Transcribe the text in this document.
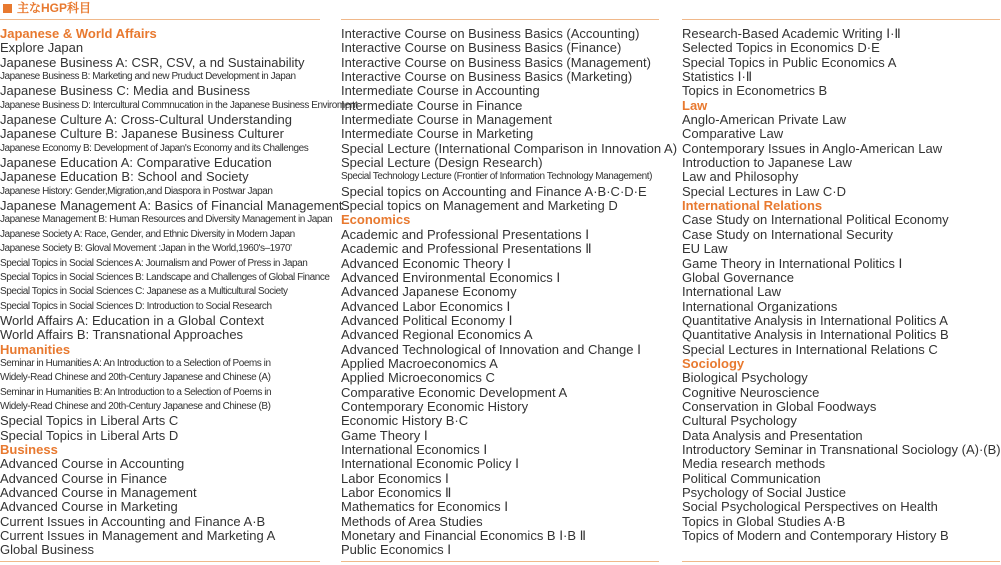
主なHGP科目
Japanese & World Affairs
Explore Japan
Japanese Business A: CSR, CSV, a nd Sustainability
Japanese Business B: Marketing and new Pruduct Development in Japan
Japanese Business C: Media and Business
Japanese Business D: Intercultural Commnucation in the Japanese Business Enviroment
Japanese Culture A: Cross-Cultural Understanding
Japanese Culture B: Japanese Business Culturer
Japanese Economy B: Development of Japan's Economy and its Challenges
Japanese Education A: Comparative Education
Japanese Education B: School and Society
Japanese History: Gender,Migration,and Diaspora in Postwar Japan
Japanese Management A: Basics of Financial Management
Japanese Management B: Human Resources and Diversity Management in Japan
Japanese Society A: Race, Gender, and Ethnic Diversity in Modern Japan
Japanese Society B: Gloval Movement :Japan in the World,1960's–1970'
Special Topics in Social Sciences A: Journalism and Power of Press in Japan
Special Topics in Social Sciences B: Landscape and Challenges of Global Finance
Special Topics in Social Sciences C: Japanese as a Multicultural Society
Special Topics in Social Sciences D: Introduction to Social Research
World Affairs A: Education in a Global Context
World Affairs B: Transnational Approaches
Humanities
Seminar in Humanities A: An Introduction to a Selection of Poems in
Widely-Read Chinese and 20th-Century Japanese and Chinese (A)
Seminar in Humanities B: An Introduction to a Selection of Poems in
Widely-Read Chinese and 20th-Century Japanese and Chinese (B)
Special Topics in Liberal Arts C
Special Topics in Liberal Arts D
Business
Advanced Course in Accounting
Advanced Course in Finance
Advanced Course in Management
Advanced Course in Marketing
Current Issues in Accounting and Finance A·B
Current Issues in Management and Marketing A
Global Business
Interactive Course on Business Basics (Accounting)
Interactive Course on Business Basics (Finance)
Interactive Course on Business Basics (Management)
Interactive Course on Business Basics (Marketing)
Intermediate Course in Accounting
Intermediate Course in Finance
Intermediate Course in Management
Intermediate Course in Marketing
Special Lecture (International Comparison in Innovation A)
Special Lecture (Design Research)
Special Technology Lecture (Frontier of Information Technology Management)
Special topics on Accounting and Finance A·B·C·D·E
Special topics on Management and Marketing D
Economics
Academic and Professional Presentations Ⅰ
Academic and Professional Presentations Ⅱ
Advanced Economic Theory Ⅰ
Advanced Environmental Economics Ⅰ
Advanced Japanese Economy
Advanced Labor Economics Ⅰ
Advanced Political Economy Ⅰ
Advanced Regional Economics A
Advanced Technological of Innovation and Change Ⅰ
Applied Macroeconomics A
Applied Microeconomics C
Comparative Economic Development A
Contemporary Economic History
Economic History B·C
Game Theory Ⅰ
International Economics Ⅰ
International Economic Policy Ⅰ
Labor Economics Ⅰ
Labor Economics Ⅱ
Mathematics for Economics Ⅰ
Methods of Area Studies
Monetary and Financial Economics B Ⅰ·B Ⅱ
Public Economics Ⅰ
Research-Based Academic Writing Ⅰ·Ⅱ
Selected Topics in Economics D·E
Special Topics in Public Economics A
Statistics Ⅰ·Ⅱ
Topics in Econometrics B
Law
Anglo-American Private Law
Comparative Law
Contemporary Issues in Anglo-American Law
Introduction to Japanese Law
Law and Philosophy
Special Lectures in Law C·D
International Relations
Case Study on International Political Economy
Case Study on International Security
EU Law
Game Theory in International Politics Ⅰ
Global Governance
International Law
International Organizations
Quantitative Analysis in International Politics A
Quantitative Analysis in International Politics B
Special Lectures in International Relations C
Sociology
Biological Psychology
Cognitive Neuroscience
Conservation in Global Foodways
Cultural Psychology
Data Analysis and Presentation
Introductory Seminar in Transnational Sociology (A)·(B)
Media research methods
Political Communication
Psychology of Social Justice
Social Psychological Perspectives on Health
Topics in Global Studies A·B
Topics of Modern and Contemporary History B
